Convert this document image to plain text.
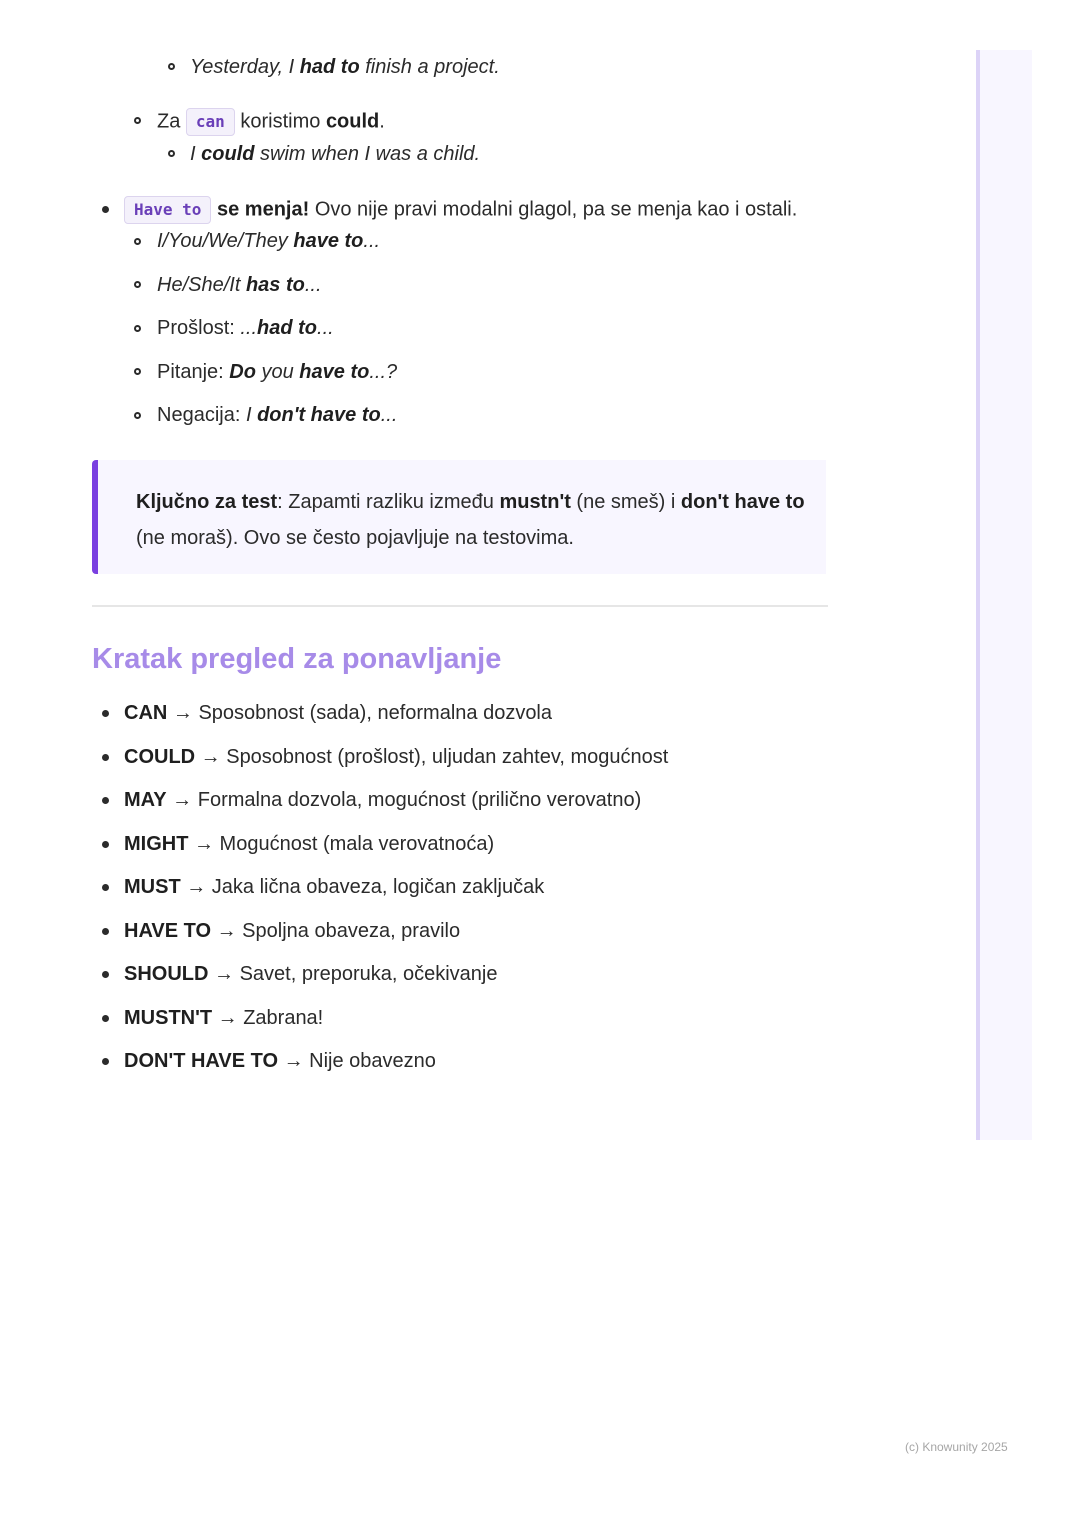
Yesterday, I had to finish a project.
Za can koristimo could.
I could swim when I was a child.
Have to se menja! Ovo nije pravi modalni glagol, pa se menja kao i ostali.
I/You/We/They have to...
He/She/It has to...
Prošlost: ...had to...
Pitanje: Do you have to...?
Negacija: I don't have to...
Ključno za test: Zapamti razliku između mustn't (ne smeš) i don't have to (ne moraš). Ovo se često pojavljuje na testovima.
Kratak pregled za ponavljanje
CAN → Sposobnost (sada), neformalna dozvola
COULD → Sposobnost (prošlost), uljudan zahtev, mogućnost
MAY → Formalna dozvola, mogućnost (prilično verovatno)
MIGHT → Mogućnost (mala verovatnoća)
MUST → Jaka lična obaveza, logičan zaključak
HAVE TO → Spoljna obaveza, pravilo
SHOULD → Savet, preporuka, očekivanje
MUSTN'T → Zabrana!
DON'T HAVE TO → Nije obavezno
(c) Knowunity 2025
